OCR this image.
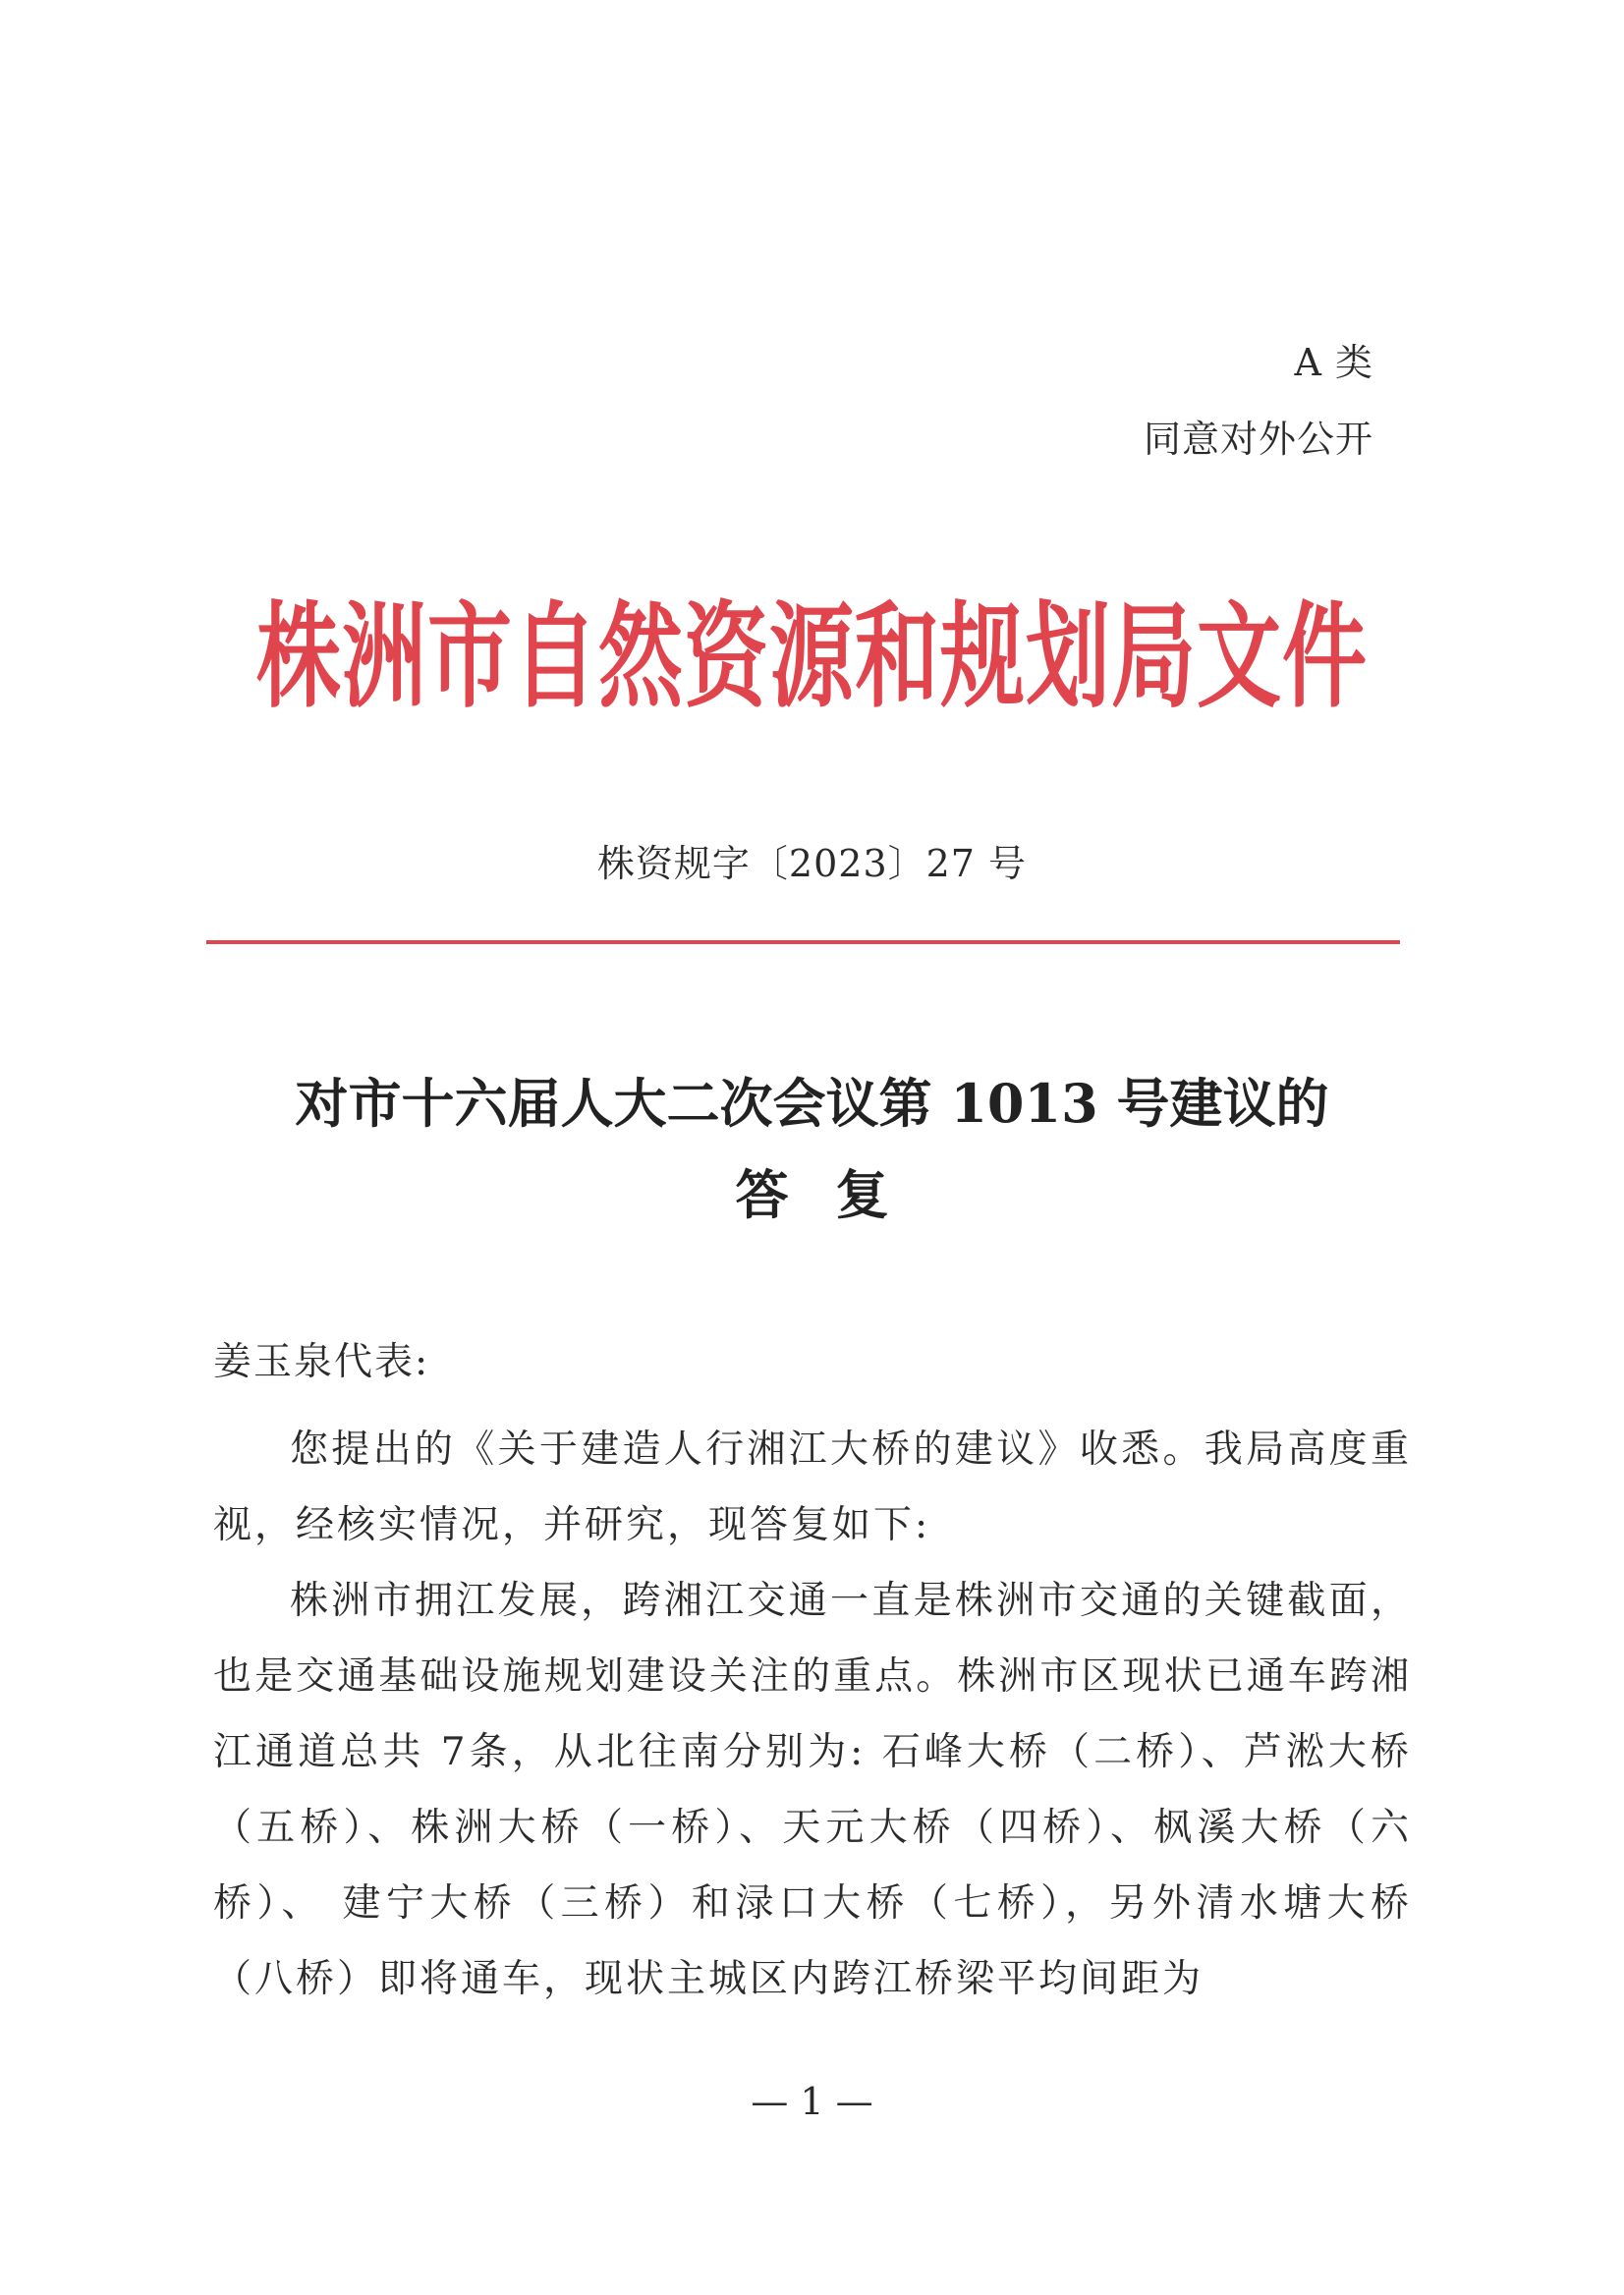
A 类
同意对外公开
株洲市自然资源和规划局文件
株资规字〔2023〕27 号
对市十六届人大二次会议第 1013 号建议的
答复
姜玉泉代表:

您提出的《关于建造人行湘江大桥的建议》收悉。我局高度重视，经核实情况，并研究，现答复如下:

株洲市拥江发展，跨湘江交通一直是株洲市交通的关键截面，也是交通基础设施规划建设关注的重点。株洲市区现状已通车跨湘江通道总共 7条，从北往南分别为: 石峰大桥（二桥）、芦淞大桥（五桥）、株洲大桥（一桥）、天元大桥（四桥）、枫溪大桥（六桥）、 建宁大桥（三桥）和渌口大桥（七桥），另外清水塘大桥（八桥）即将通车，现状主城区内跨江桥梁平均间距为

— 1 —
